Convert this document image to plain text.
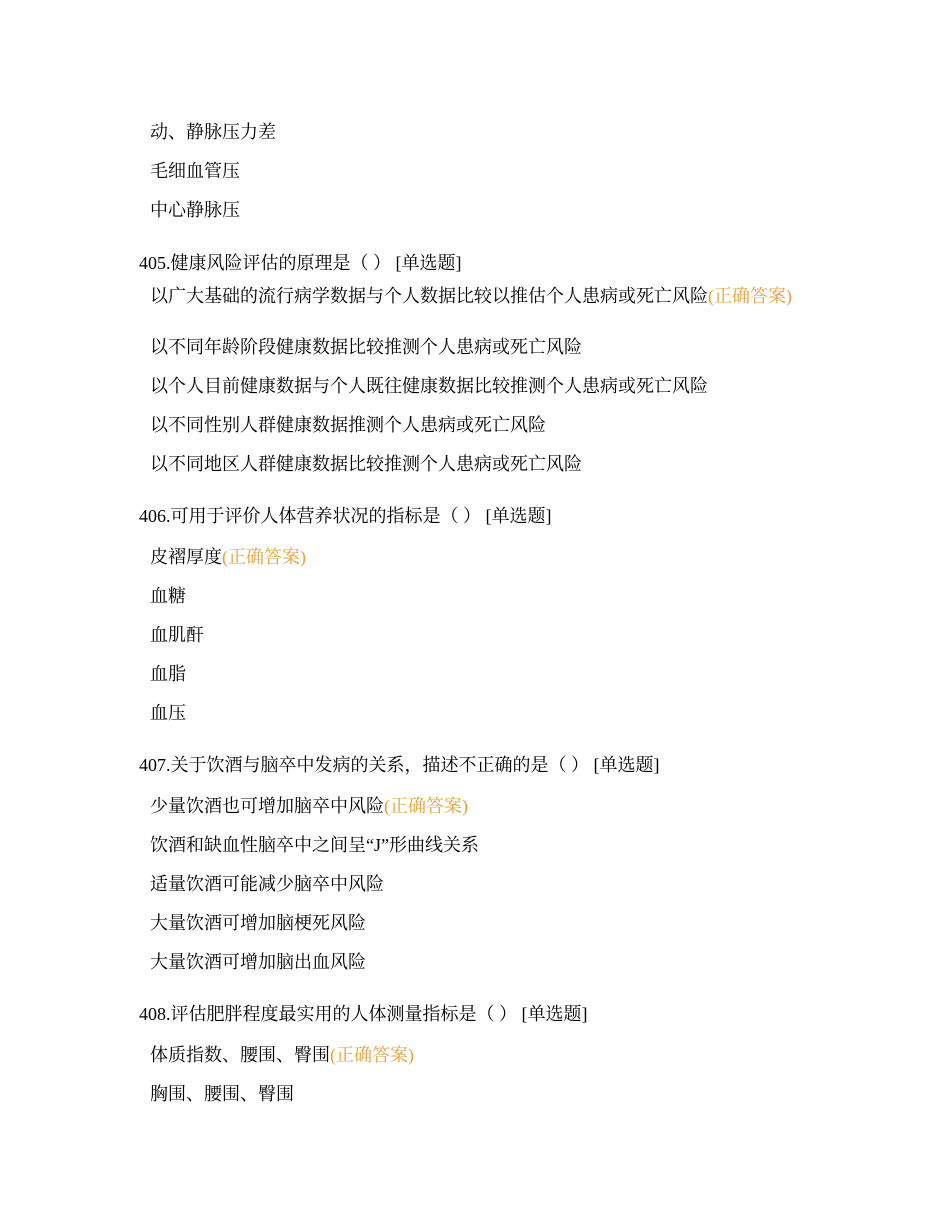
动、静脉压力差
毛细血管压
中心静脉压
405.健康风险评估的原理是（ ） [单选题]
以广大基础的流行病学数据与个人数据比较以推估个人患病或死亡风险(正确答案)
以不同年龄阶段健康数据比较推测个人患病或死亡风险
以个人目前健康数据与个人既往健康数据比较推测个人患病或死亡风险
以不同性别人群健康数据推测个人患病或死亡风险
以不同地区人群健康数据比较推测个人患病或死亡风险
406.可用于评价人体营养状况的指标是（ ） [单选题]
皮褶厚度(正确答案)
血糖
血肌酐
血脂
血压
407.关于饮酒与脑卒中发病的关系，描述不正确的是（ ） [单选题]
少量饮酒也可增加脑卒中风险(正确答案)
饮酒和缺血性脑卒中之间呈“J”形曲线关系
适量饮酒可能减少脑卒中风险
大量饮酒可增加脑梗死风险
大量饮酒可增加脑出血风险
408.评估肥胖程度最实用的人体测量指标是（ ） [单选题]
体质指数、腰围、臀围(正确答案)
胸围、腰围、臀围
